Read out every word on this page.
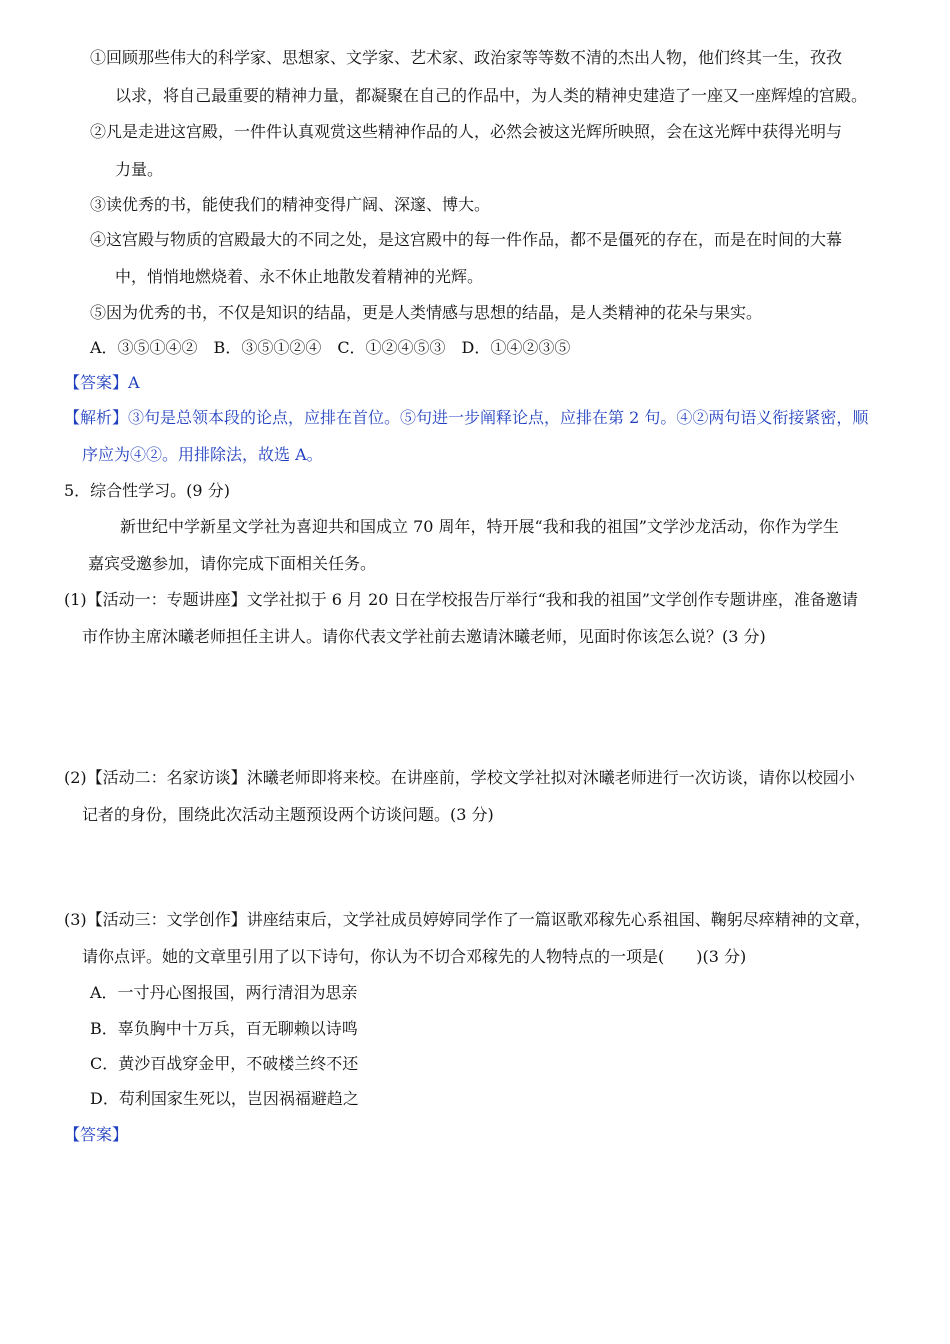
①回顾那些伟大的科学家、思想家、文学家、艺术家、政治家等等数不清的杰出人物，他们终其一生，孜孜
以求，将自己最重要的精神力量，都凝聚在自己的作品中，为人类的精神史建造了一座又一座辉煌的宫殿。
②凡是走进这宫殿，一件件认真观赏这些精神作品的人，必然会被这光辉所映照，会在这光辉中获得光明与
力量。
③读优秀的书，能使我们的精神变得广阔、深邃、博大。
④这宫殿与物质的宫殿最大的不同之处，是这宫殿中的每一件作品，都不是僵死的存在，而是在时间的大幕
中，悄悄地燃烧着、永不休止地散发着精神的光辉。
⑤因为优秀的书，不仅是知识的结晶，更是人类情感与思想的结晶，是人类精神的花朵与果实。
A．③⑤①④②　B．③⑤①②④　C．①②④⑤③　D．①④②③⑤
【答案】A
【解析】③句是总领本段的论点，应排在首位。⑤句进一步阐释论点，应排在第 2 句。④②两句语义衔接紧密，顺
序应为④②。用排除法，故选 A。
5．综合性学习。(9 分)
新世纪中学新星文学社为喜迎共和国成立 70 周年，特开展“我和我的祖国”文学沙龙活动，你作为学生
嘉宾受邀参加，请你完成下面相关任务。
(1)【活动一：专题讲座】文学社拟于 6 月 20 日在学校报告厅举行“我和我的祖国”文学创作专题讲座，准备邀请
市作协主席沐曦老师担任主讲人。请你代表文学社前去邀请沐曦老师，见面时你该怎么说？(3 分)
(2)【活动二：名家访谈】沐曦老师即将来校。在讲座前，学校文学社拟对沐曦老师进行一次访谈，请你以校园小
记者的身份，围绕此次活动主题预设两个访谈问题。(3 分)
(3)【活动三：文学创作】讲座结束后，文学社成员婷婷同学作了一篇讴歌邓稼先心系祖国、鞠躬尽瘁精神的文章，
请你点评。她的文章里引用了以下诗句，你认为不切合邓稼先的人物特点的一项是(　　)(3 分)
A．一寸丹心图报国，两行清泪为思亲
B．辜负胸中十万兵，百无聊赖以诗鸣
C．黄沙百战穿金甲，不破楼兰终不还
D．苟利国家生死以，岂因祸福避趋之
【答案】
